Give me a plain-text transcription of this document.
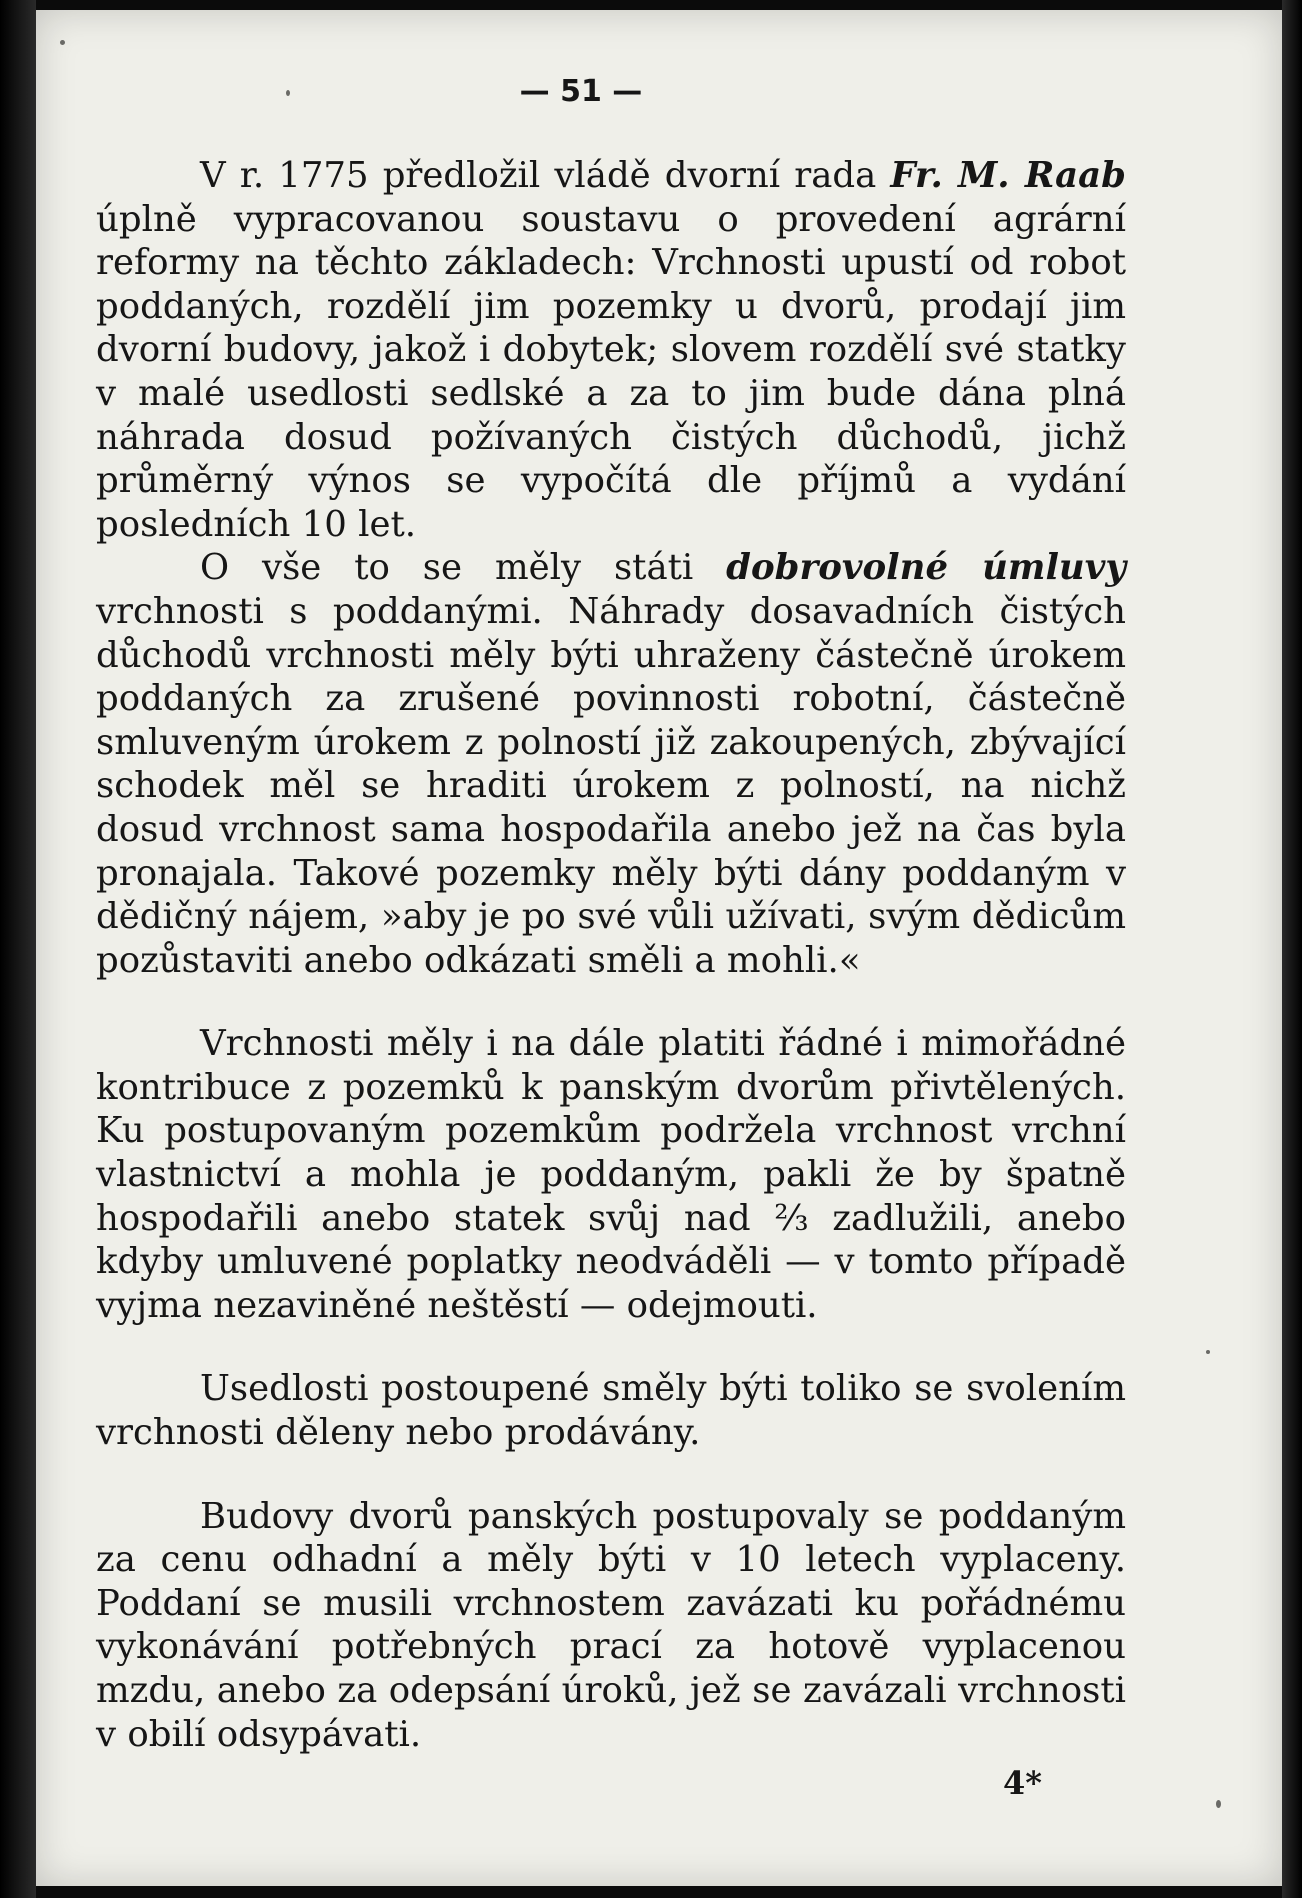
— 51 —

V r. 1775 předložil vládě dvorní rada Fr. M. Raab úplně vypracovanou soustavu o provedení agrární reformy na těchto základech: Vrchnosti upustí od robot poddaných, rozdělí jim pozemky u dvorů, prodají jim dvorní budovy, jakož i dobytek; slovem rozdělí své statky v malé usedlosti sedlské a za to jim bude dána plná náhrada dosud požívaných čistých důchodů, jichž průměrný výnos se vypočítá dle příjmů a vydání posledních 10 let.

O vše to se měly státi dobrovolné úmluvy vrchnosti s poddanými. Náhrady dosavadních čistých důchodů vrchnosti měly býti uhraženy částečně úrokem poddaných za zrušené povinnosti robotní, částečně smluveným úrokem z polností již zakoupených, zbývající schodek měl se hraditi úrokem z polností, na nichž dosud vrchnost sama hospodařila anebo jež na čas byla pronajala. Takové pozemky měly býti dány poddaným v dědičný nájem, »aby je po své vůli užívati, svým dědicům pozůstaviti anebo odkázati směli a mohli.«

Vrchnosti měly i na dále platiti řádné i mimořádné kontribuce z pozemků k panským dvorům přivtělených. Ku postupovaným pozemkům podržela vrchnost vrchní vlastnictví a mohla je poddaným, pakli že by špatně hospodařili anebo statek svůj nad ⅔ zadlužili, anebo kdyby umluvené poplatky neodváděli — v tomto případě vyjma nezaviněné neštěstí — odejmouti.

Usedlosti postoupené směly býti toliko se svolením vrchnosti děleny nebo prodávány.

Budovy dvorů panských postupovaly se poddaným za cenu odhadní a měly býti v 10 letech vyplaceny. Poddaní se musili vrchnostem zavázati ku pořádnému vykonávání potřebných prací za hotově vyplacenou mzdu, anebo za odepsání úroků, jež se zavázali vrchnosti v obilí odsypávati.

4*
